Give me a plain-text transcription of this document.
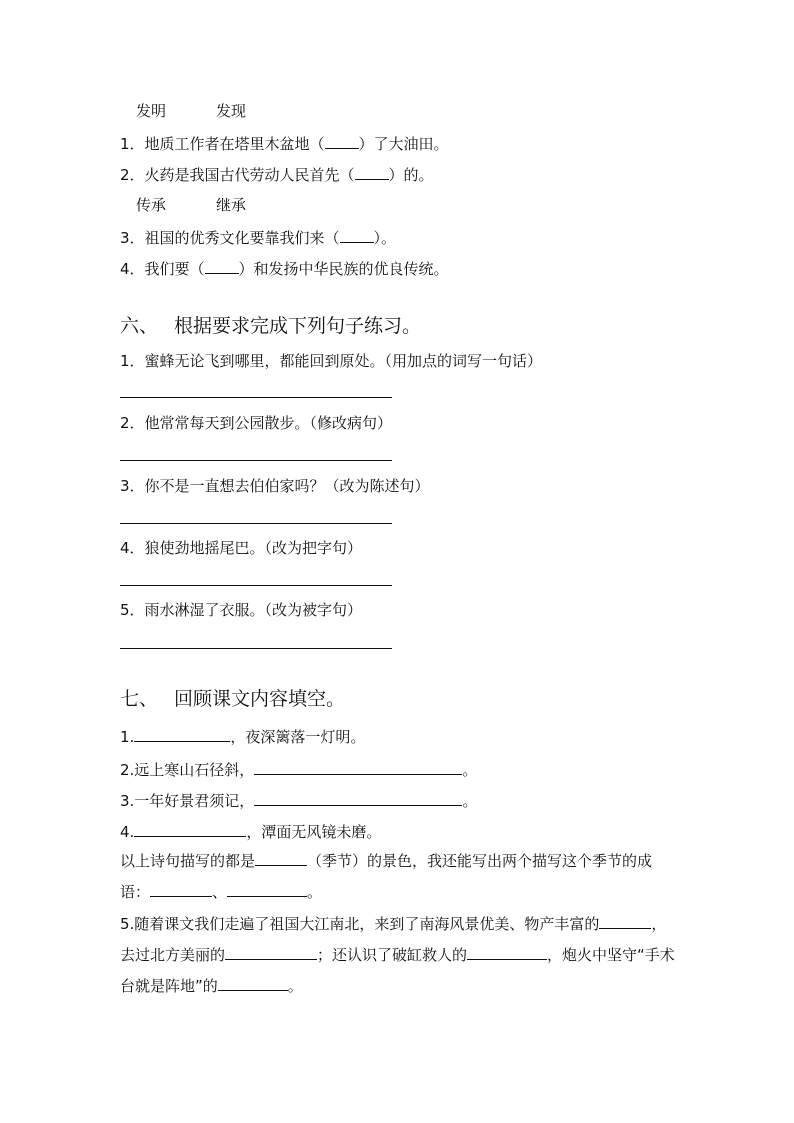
发明	发现
1．地质工作者在塔里木盆地（ ）了大油田。
2．火药是我国古代劳动人民首先（ ）的。
传承	继承
3．祖国的优秀文化要靠我们来（ ）。
4．我们要（ ）和发扬中华民族的优良传统。
六、 根据要求完成下列句子练习。
1．蜜蜂无论飞到哪里，都能回到原处。（用加点的词写一句话）
2．他常常每天到公园散步。（修改病句）
3．你不是一直想去伯伯家吗？（改为陈述句）
4．狼使劲地摇尾巴。（改为把字句）
5．雨水淋湿了衣服。（改为被字句）
七、 回顾课文内容填空。
1.	，夜深篱落一灯明。
2.远上寒山石径斜，	。
3.一年好景君须记，	。
4.	，潭面无风镜未磨。
以上诗句描写的都是	（季节）的景色，我还能写出两个描写这个季节的成语：	、	。
5.随着课文我们走遍了祖国大江南北，来到了南海风景优美、物产丰富的	，去过北方美丽的	；还认识了破缸救人的	，炮火中坚守“手术台就是阵地”的	。
